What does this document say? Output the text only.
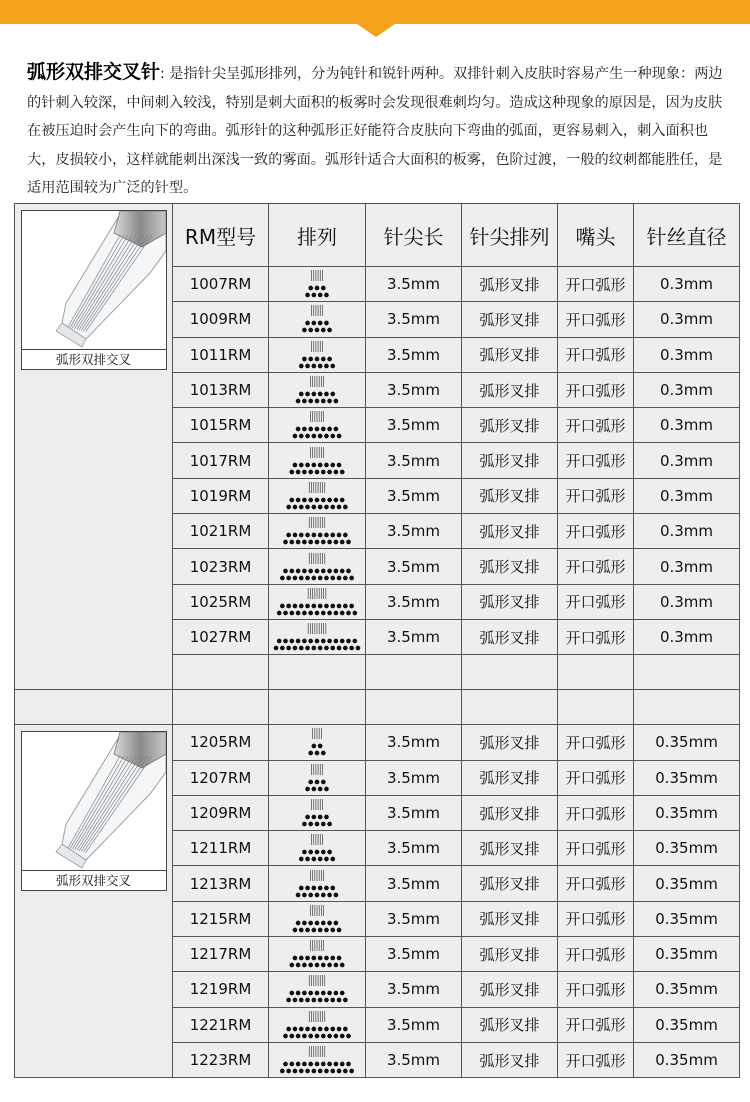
弧形双排交叉针: 是指针尖呈弧形排列，分为钝针和锐针两种。双排针刺入皮肤时容易产生一种现象：两边的针刺入较深，中间刺入较浅，特别是刺大面积的板雾时会发现很难刺均匀。造成这种现象的原因是，因为皮肤在被压迫时会产生向下的弯曲。弧形针的这种弧形正好能符合皮肤向下弯曲的弧面，更容易刺入，刺入面积也大，皮损较小，这样就能刺出深浅一致的雾面。弧形针适合大面积的板雾，色阶过渡，一般的纹刺都能胜任，是适用范围较为广泛的针型。
弧形双排交叉	RM型号	排列	针尖长	针尖排列	嘴头	针丝直径
	1007RM		3.5mm	弧形叉排	开口弧形	0.3mm
	1009RM		3.5mm	弧形叉排	开口弧形	0.3mm
	1011RM		3.5mm	弧形叉排	开口弧形	0.3mm
	1013RM		3.5mm	弧形叉排	开口弧形	0.3mm
	1015RM		3.5mm	弧形叉排	开口弧形	0.3mm
	1017RM		3.5mm	弧形叉排	开口弧形	0.3mm
	1019RM		3.5mm	弧形叉排	开口弧形	0.3mm
	1021RM		3.5mm	弧形叉排	开口弧形	0.3mm
	1023RM		3.5mm	弧形叉排	开口弧形	0.3mm
	1025RM		3.5mm	弧形叉排	开口弧形	0.3mm
	1027RM		3.5mm	弧形叉排	开口弧形	0.3mm

弧形双排交叉	1205RM		3.5mm	弧形叉排	开口弧形	0.35mm
	1207RM		3.5mm	弧形叉排	开口弧形	0.35mm
	1209RM		3.5mm	弧形叉排	开口弧形	0.35mm
	1211RM		3.5mm	弧形叉排	开口弧形	0.35mm
	1213RM		3.5mm	弧形叉排	开口弧形	0.35mm
	1215RM		3.5mm	弧形叉排	开口弧形	0.35mm
	1217RM		3.5mm	弧形叉排	开口弧形	0.35mm
	1219RM		3.5mm	弧形叉排	开口弧形	0.35mm
	1221RM		3.5mm	弧形叉排	开口弧形	0.35mm
	1223RM		3.5mm	弧形叉排	开口弧形	0.35mm
